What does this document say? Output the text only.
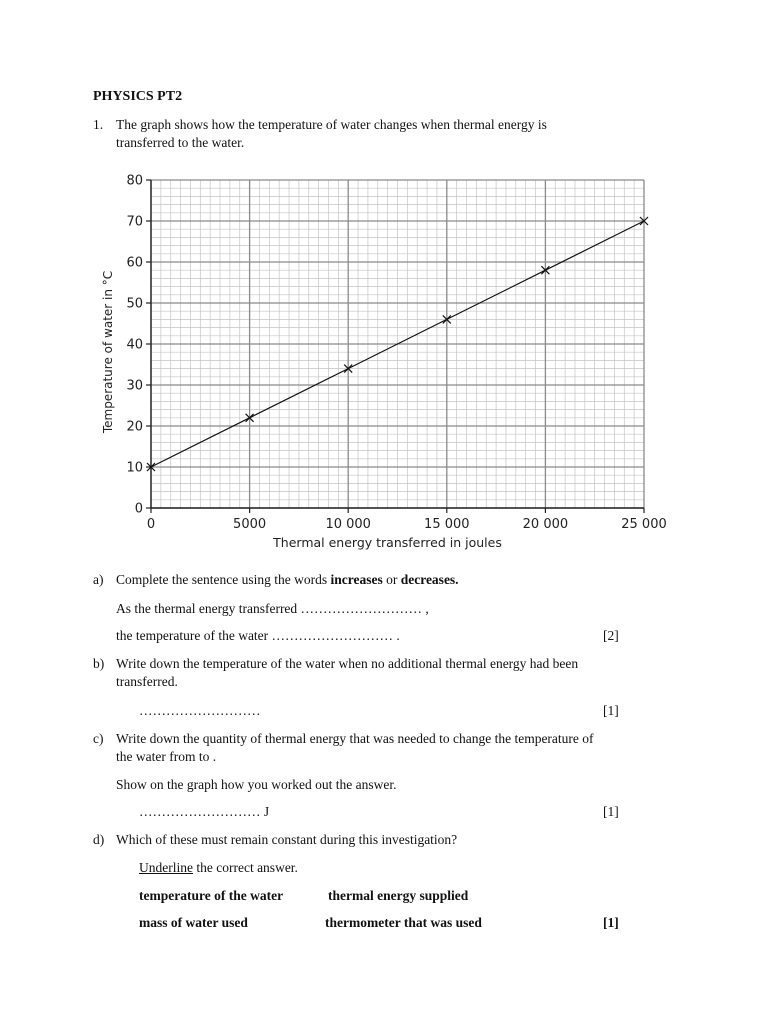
PHYSICS PT2
1. The graph shows how the temperature of water changes when thermal energy is
transferred to the water.
0
10
20
30
40
50
60
70
80
0	5000	10 000	15 000	20 000	25 000
Thermal energy transferred in joules
Temperature of water in °C
a) Complete the sentence using the words increases or decreases.
As the thermal energy transferred ……………………… ,
the temperature of the water ……………………… .	[2]
b) Write down the temperature of the water when no additional thermal energy had been
transferred.
………………………	[1]
c) Write down the quantity of thermal energy that was needed to change the temperature of
the water from to .
Show on the graph how you worked out the answer.
……………………… J	[1]
d) Which of these must remain constant during this investigation?
Underline the correct answer.
temperature of the water	thermal energy supplied
mass of water used	thermometer that was used	[1]
